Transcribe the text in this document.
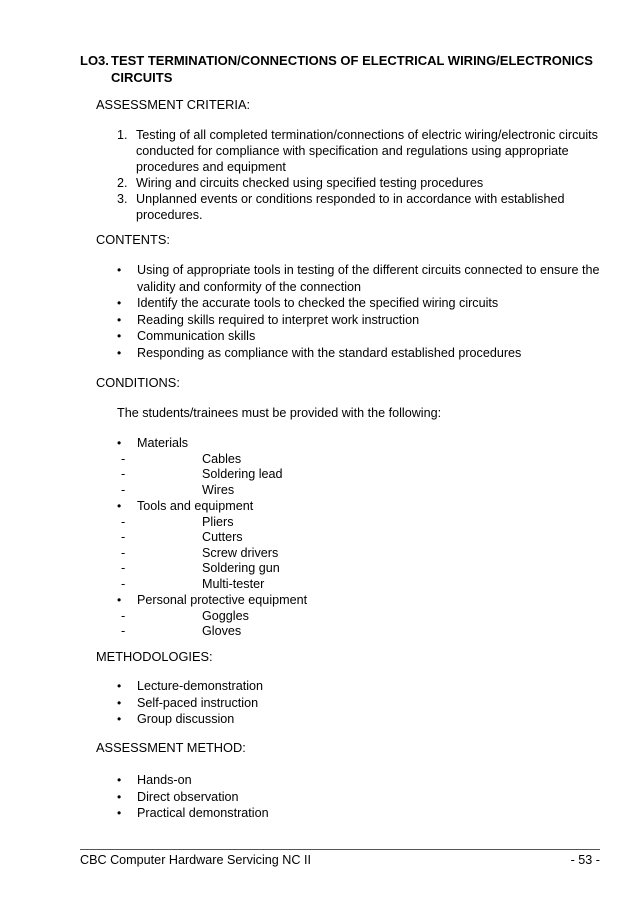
LO3. TEST TERMINATION/CONNECTIONS OF ELECTRICAL WIRING/ELECTRONICS CIRCUITS
ASSESSMENT CRITERIA:
1. Testing of all completed termination/connections of electric wiring/electronic circuits conducted for compliance with specification and regulations using appropriate procedures and equipment
2. Wiring and circuits checked using specified testing procedures
3. Unplanned events or conditions responded to in accordance with established procedures.
CONTENTS:
• Using of appropriate tools in testing of the different circuits connected to ensure the validity and conformity of the connection
• Identify the accurate tools to checked the specified wiring circuits
• Reading skills required to interpret work instruction
• Communication skills
• Responding as compliance with the standard established procedures
CONDITIONS:
The students/trainees must be provided with the following:
• Materials
-	Cables
-	Soldering lead
-	Wires
• Tools and equipment
-	Pliers
-	Cutters
-	Screw drivers
-	Soldering gun
-	Multi-tester
• Personal protective equipment
-	Goggles
-	Gloves
METHODOLOGIES:
• Lecture-demonstration
• Self-paced instruction
• Group discussion
ASSESSMENT METHOD:
• Hands-on
• Direct observation
• Practical demonstration
CBC Computer Hardware Servicing NC II	- 53 -
